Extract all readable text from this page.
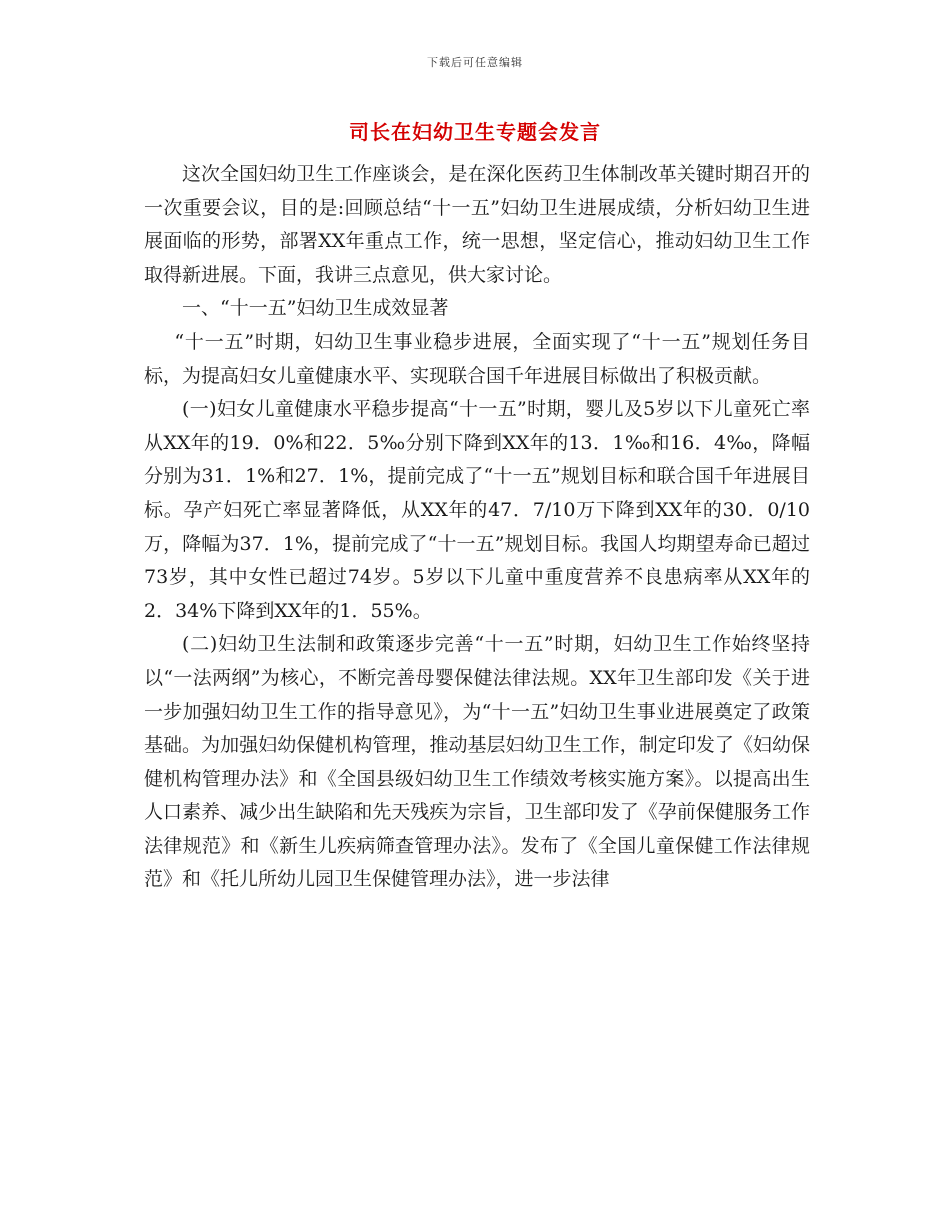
下载后可任意编辑
司长在妇幼卫生专题会发言

这次全国妇幼卫生工作座谈会，是在深化医药卫生体制改革关键时期召开的一次重要会议，目的是:回顾总结“十一五”妇幼卫生进展成绩，分析妇幼卫生进展面临的形势，部署XX年重点工作，统一思想，坚定信心，推动妇幼卫生工作取得新进展。下面，我讲三点意见，供大家讨论。

一、“十一五”妇幼卫生成效显著

“十一五”时期，妇幼卫生事业稳步进展，全面实现了“十一五”规划任务目标，为提高妇女儿童健康水平、实现联合国千年进展目标做出了积极贡献。

(一)妇女儿童健康水平稳步提高“十一五”时期，婴儿及5岁以下儿童死亡率从XX年的19．0%和22．5‰分别下降到XX年的13．1‰和16．4‰，降幅分别为31．1%和27．1%，提前完成了“十一五”规划目标和联合国千年进展目标。孕产妇死亡率显著降低，从XX年的47．7/10万下降到XX年的30．0/10万，降幅为37．1%，提前完成了“十一五”规划目标。我国人均期望寿命已超过73岁，其中女性已超过74岁。5岁以下儿童中重度营养不良患病率从XX年的2．34%下降到XX年的1．55%。

(二)妇幼卫生法制和政策逐步完善“十一五”时期，妇幼卫生工作始终坚持以“一法两纲”为核心，不断完善母婴保健法律法规。XX年卫生部印发《关于进一步加强妇幼卫生工作的指导意见》，为“十一五”妇幼卫生事业进展奠定了政策基础。为加强妇幼保健机构管理，推动基层妇幼卫生工作，制定印发了《妇幼保健机构管理办法》和《全国县级妇幼卫生工作绩效考核实施方案》。以提高出生人口素养、减少出生缺陷和先天残疾为宗旨，卫生部印发了《孕前保健服务工作法律规范》和《新生儿疾病筛查管理办法》。发布了《全国儿童保健工作法律规范》和《托儿所幼儿园卫生保健管理办法》，进一步法律
